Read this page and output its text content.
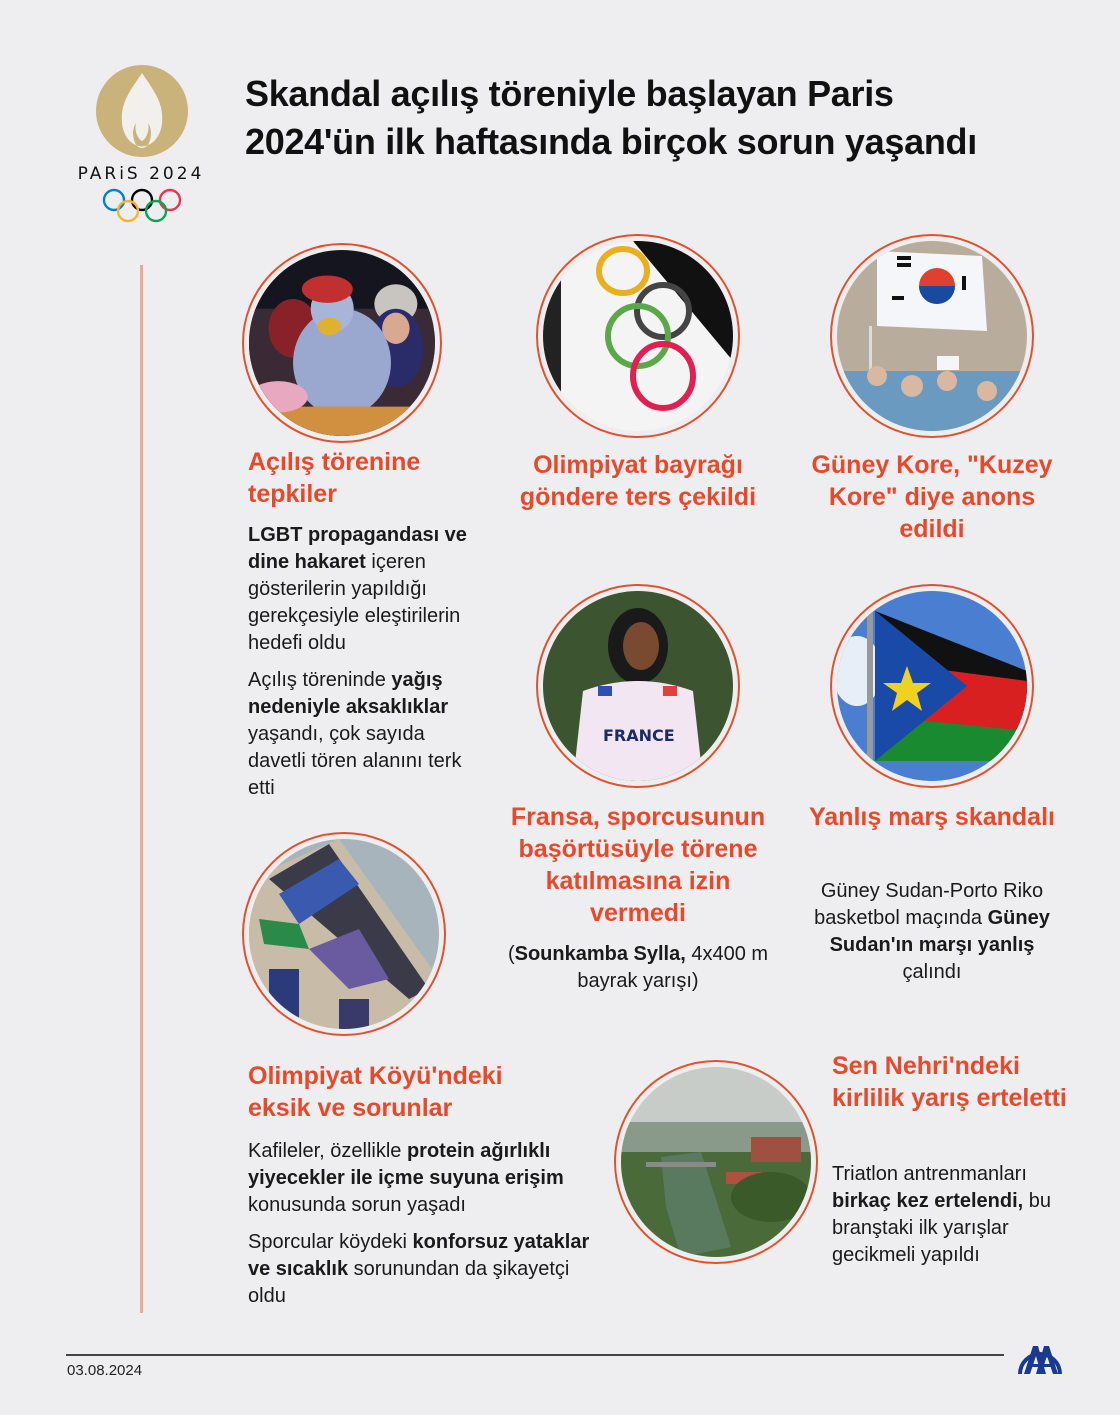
PARiS 2024
Skandal açılış töreniyle başlayan Paris 2024'ün ilk haftasında birçok sorun yaşandı
Açılış törenine tepkiler
LGBT propagandası ve dine hakaret içeren gösterilerin yapıldığı gerekçesiyle eleştirilerin hedefi oldu
Açılış töreninde yağış nedeniyle aksaklıklar yaşandı, çok sayıda davetli tören alanını terk etti
Olimpiyat bayrağı göndere ters çekildi
Güney Kore, "Kuzey Kore" diye anons edildi
FRANCE
Fransa, sporcusunun başörtüsüyle törene katılmasına izin vermedi
(Sounkamba Sylla, 4x400 m bayrak yarışı)
Yanlış marş skandalı
Güney Sudan-Porto Riko basketbol maçında Güney Sudan'ın marşı yanlış çalındı
Olimpiyat Köyü'ndeki eksik ve sorunlar
Kafileler, özellikle protein ağırlıklı yiyecekler ile içme suyuna erişim konusunda sorun yaşadı
Sporcular köydeki konforsuz yataklar ve sıcaklık sorunundan da şikayetçi oldu
Sen Nehri'ndeki kirlilik yarış erteletti
Triatlon antrenmanları birkaç kez ertelendi, bu branştaki ilk yarışlar gecikmeli yapıldı
03.08.2024
